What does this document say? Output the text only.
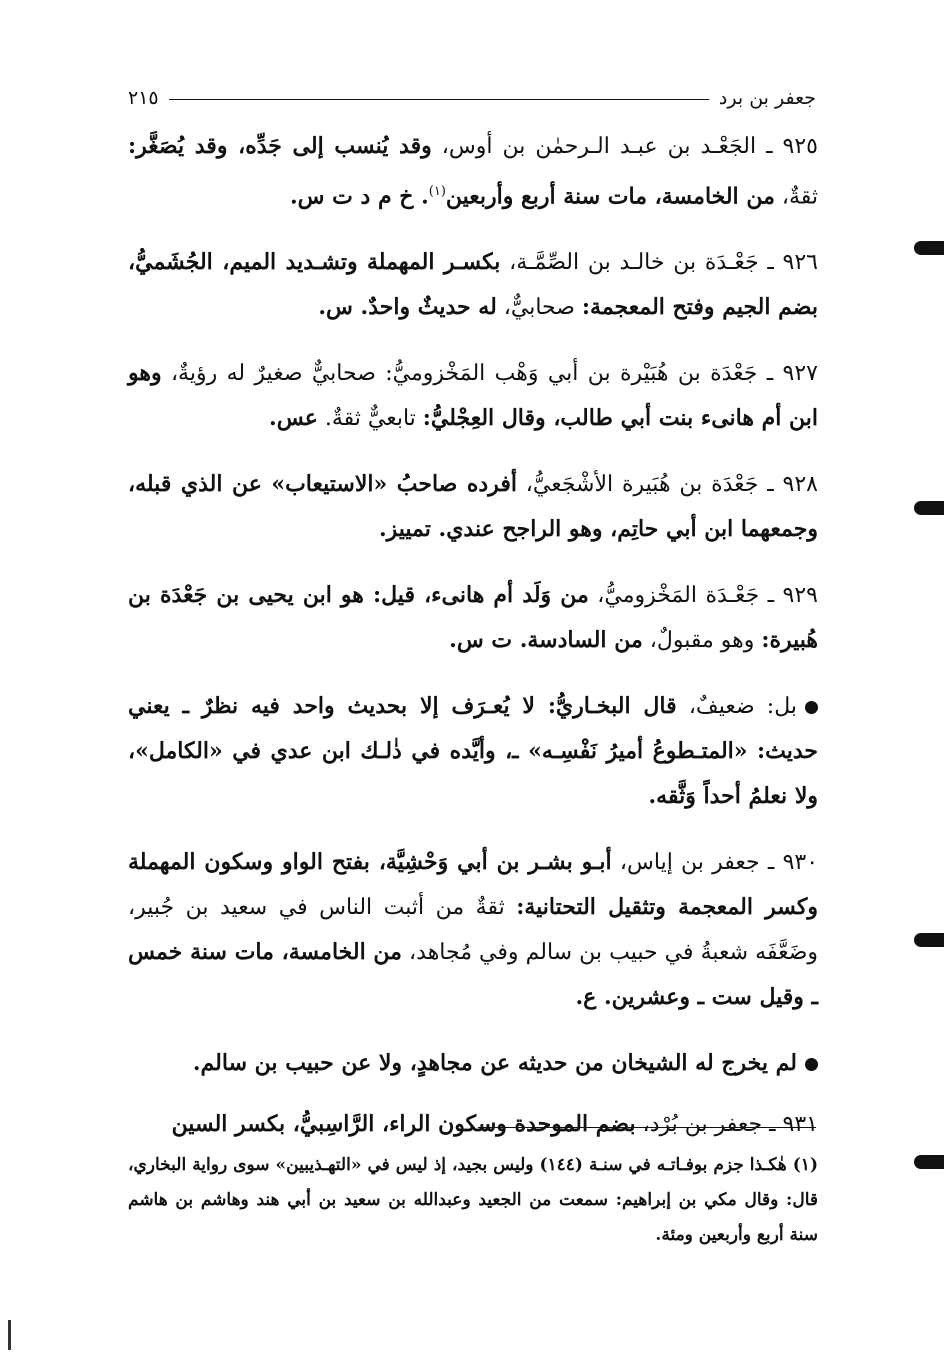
جعفر بن برد
٢١٥

٩٢٥ ـ الجَعْـد بن عبـد الـرحمٰن بن أوس، وقد يُنسب إلى جَدِّه، وقد يُصَغَّر: ثقةٌ، من الخامسة، مات سنة أربع وأربعين$^{(١)}$. خ م د ت س.

٩٢٦ ـ جَعْـدَة بن خالـد بن الصِّمَّـة، بكسـر المهملة وتشـديد الميم، الجُشَميُّ، بضم الجيم وفتح المعجمة: صحابيٌّ، له حديثٌ واحدٌ. س.

٩٢٧ ـ جَعْدَة بن هُبَيْرة بن أبي وَهْب المَخْزوميُّ: صحابيٌّ صغيرٌ له رؤيةٌ، وهو ابن أم هانىء بنت أبي طالب، وقال العِجْليُّ: تابعيٌّ ثقةٌ. عس.

٩٢٨ ـ جَعْدَة بن هُبَيرة الأشْجَعيُّ، أفرده صاحبُ «الاستيعاب» عن الذي قبله، وجمعهما ابن أبي حاتِم، وهو الراجح عندي. تمييز.

٩٢٩ ـ جَعْـدَة المَخْزوميُّ، من وَلَد أم هانىء، قيل: هو ابن يحيى بن جَعْدَة بن هُبيرة: وهو مقبولٌ، من السادسة. ت س.

بل: ضعيفٌ، قال البخـاريُّ: لا يُعـرَف إلا بحديث واحد فيه نظرٌ ـ يعني حديث: «المتـطوعُ أميرُ نَفْسِـه» ـ، وأيَّده في ذٰلـك ابن عدي في «الكامل»، ولا نعلمُ أحداً وَثَّقه.

٩٣٠ ـ جعفر بن إياس، أبـو بشـر بن أبي وَحْشِيَّة، بفتح الواو وسكون المهملة وكسر المعجمة وتثقيل التحتانية: ثقةٌ من أثبت الناس في سعيد بن جُبير، وضَعَّفَه شعبةُ في حبيب بن سالم وفي مُجاهد، من الخامسة، مات سنة خمس ـ وقيل ست ـ وعشرين. ع.

لم يخرج له الشيخان من حديثه عن مجاهدٍ، ولا عن حبيب بن سالم.

٩٣١ ـ جعفر بن بُرْد، بضم الموحدة وسكون الراء، الرَّاسِبيُّ، بكسر السين

(١) هٰكـذا جزم بوفـاتـه في سنـة (١٤٤) وليس بجيد، إذ ليس في «التهـذيبين» سوى رواية البخاري، قال: وقال مكي بن إبراهيم: سمعت من الجعيد وعبدالله بن سعيد بن أبي هند وهاشم بن هاشم سنة أربع وأربعين ومئة.
